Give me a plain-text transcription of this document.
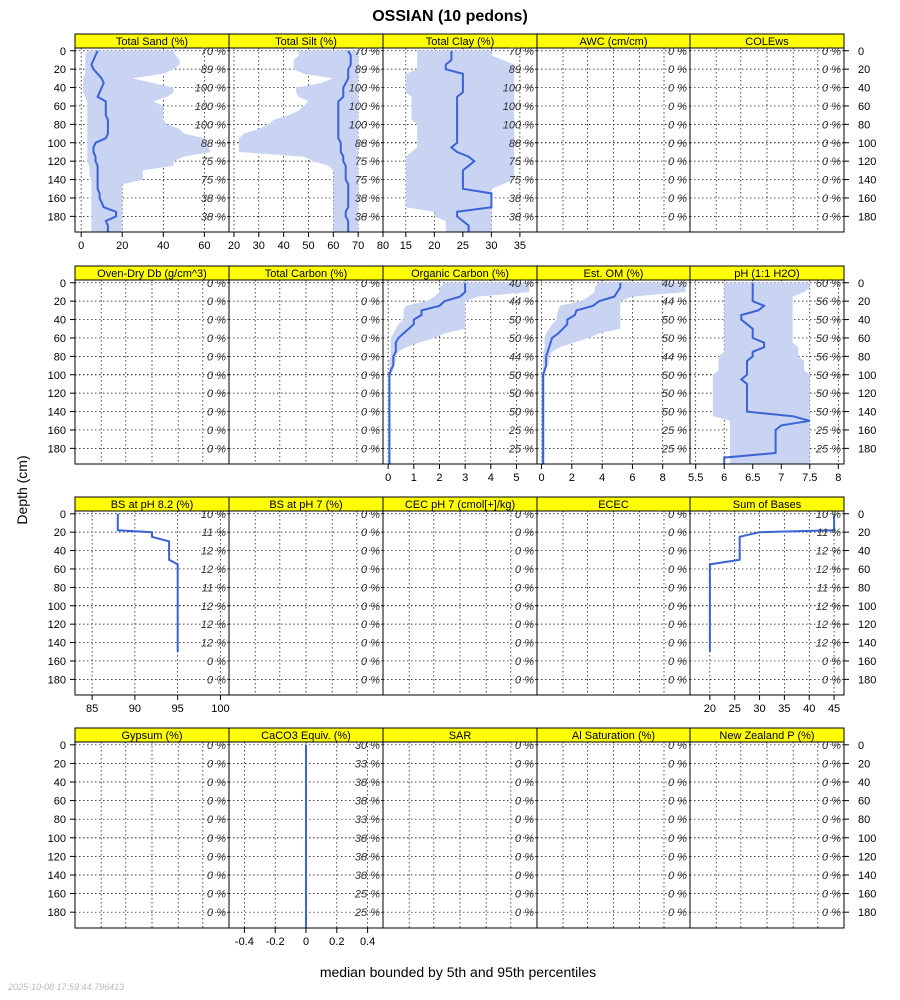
OSSIAN (10 pedons)
Depth (cm)
median bounded by 5th and 95th percentiles
2025-10-08 17:59:44.796413
Total Sand (%)
70 %
89 %
100 %
100 %
100 %
88 %
75 %
75 %
38 %
38 %
0	20	40	60
Total Silt (%)
70 %
89 %
100 %
100 %
100 %
88 %
75 %
75 %
38 %
38 %
20 30 40 50 60 70 80
Total Clay (%)
70 %
89 %
100 %
100 %
100 %
88 %
75 %
75 %
38 %
38 %
15 20 25 30 35
AWC (cm/cm)
0 %
0 %
0 %
0 %
0 %
0 %
0 %
0 %
0 %
0 %
COLEws
0 %
0 %
0 %
0 %
0 %
0 %
0 %
0 %
0 %
0 %
Oven-Dry Db (g/cm^3)
0 %
0 %
0 %
0 %
0 %
0 %
0 %
0 %
0 %
0 %
Total Carbon (%)
0 %
0 %
0 %
0 %
0 %
0 %
0 %
0 %
0 %
0 %
Organic Carbon (%)
40 %
44 %
50 %
50 %
44 %
50 %
50 %
50 %
25 %
25 %
0 1 2 3 4 5
Est. OM (%)
40 %
44 %
50 %
50 %
44 %
50 %
50 %
50 %
25 %
25 %
0 2 4 6 8
pH (1:1 H2O)
60 %
56 %
50 %
50 %
56 %
50 %
50 %
50 %
25 %
25 %
5.5 6 6.5 7 7.5 8
BS at pH 8.2 (%)
10 %
11 %
12 %
12 %
11 %
12 %
12 %
12 %
0 %
0 %
85	90	95 100
BS at pH 7 (%)
0 %
0 %
0 %
0 %
0 %
0 %
0 %
0 %
0 %
0 %
CEC pH 7 (cmol[+]/kg)
0 %
0 %
0 %
0 %
0 %
0 %
0 %
0 %
0 %
0 %
ECEC
0 %
0 %
0 %
0 %
0 %
0 %
0 %
0 %
0 %
0 %
Sum of Bases
10 %
11 %
12 %
12 %
11 %
12 %
12 %
12 %
0 %
0 %
20 25 30 35 40 45
Gypsum (%)
0 %
0 %
0 %
0 %
0 %
0 %
0 %
0 %
0 %
0 %
CaCO3 Equiv. (%)
30 %
33 %
38 %
38 %
33 %
38 %
38 %
38 %
25 %
25 %
-0.4 -0.2 0 0.2 0.4
SAR
0 %
0 %
0 %
0 %
0 %
0 %
0 %
0 %
0 %
0 %
Al Saturation (%)
0 %
0 %
0 %
0 %
0 %
0 %
0 %
0 %
0 %
0 %
New Zealand P (%)
0 %
0 %
0 %
0 %
0 %
0 %
0 %
0 %
0 %
0 %
0	0
20	20
40	40
60	60
80	80
100	100
120	120
140	140
160	160
180	180
0	0
20	20
40	40
60	60
80	80
100	100
120	120
140	140
160	160
180	180
0	0
20	20
40	40
60	60
80	80
100	100
120	120
140	140
160	160
180	180
0	0
20	20
40	40
60	60
80	80
100	100
120	120
140	140
160	160
180	180
